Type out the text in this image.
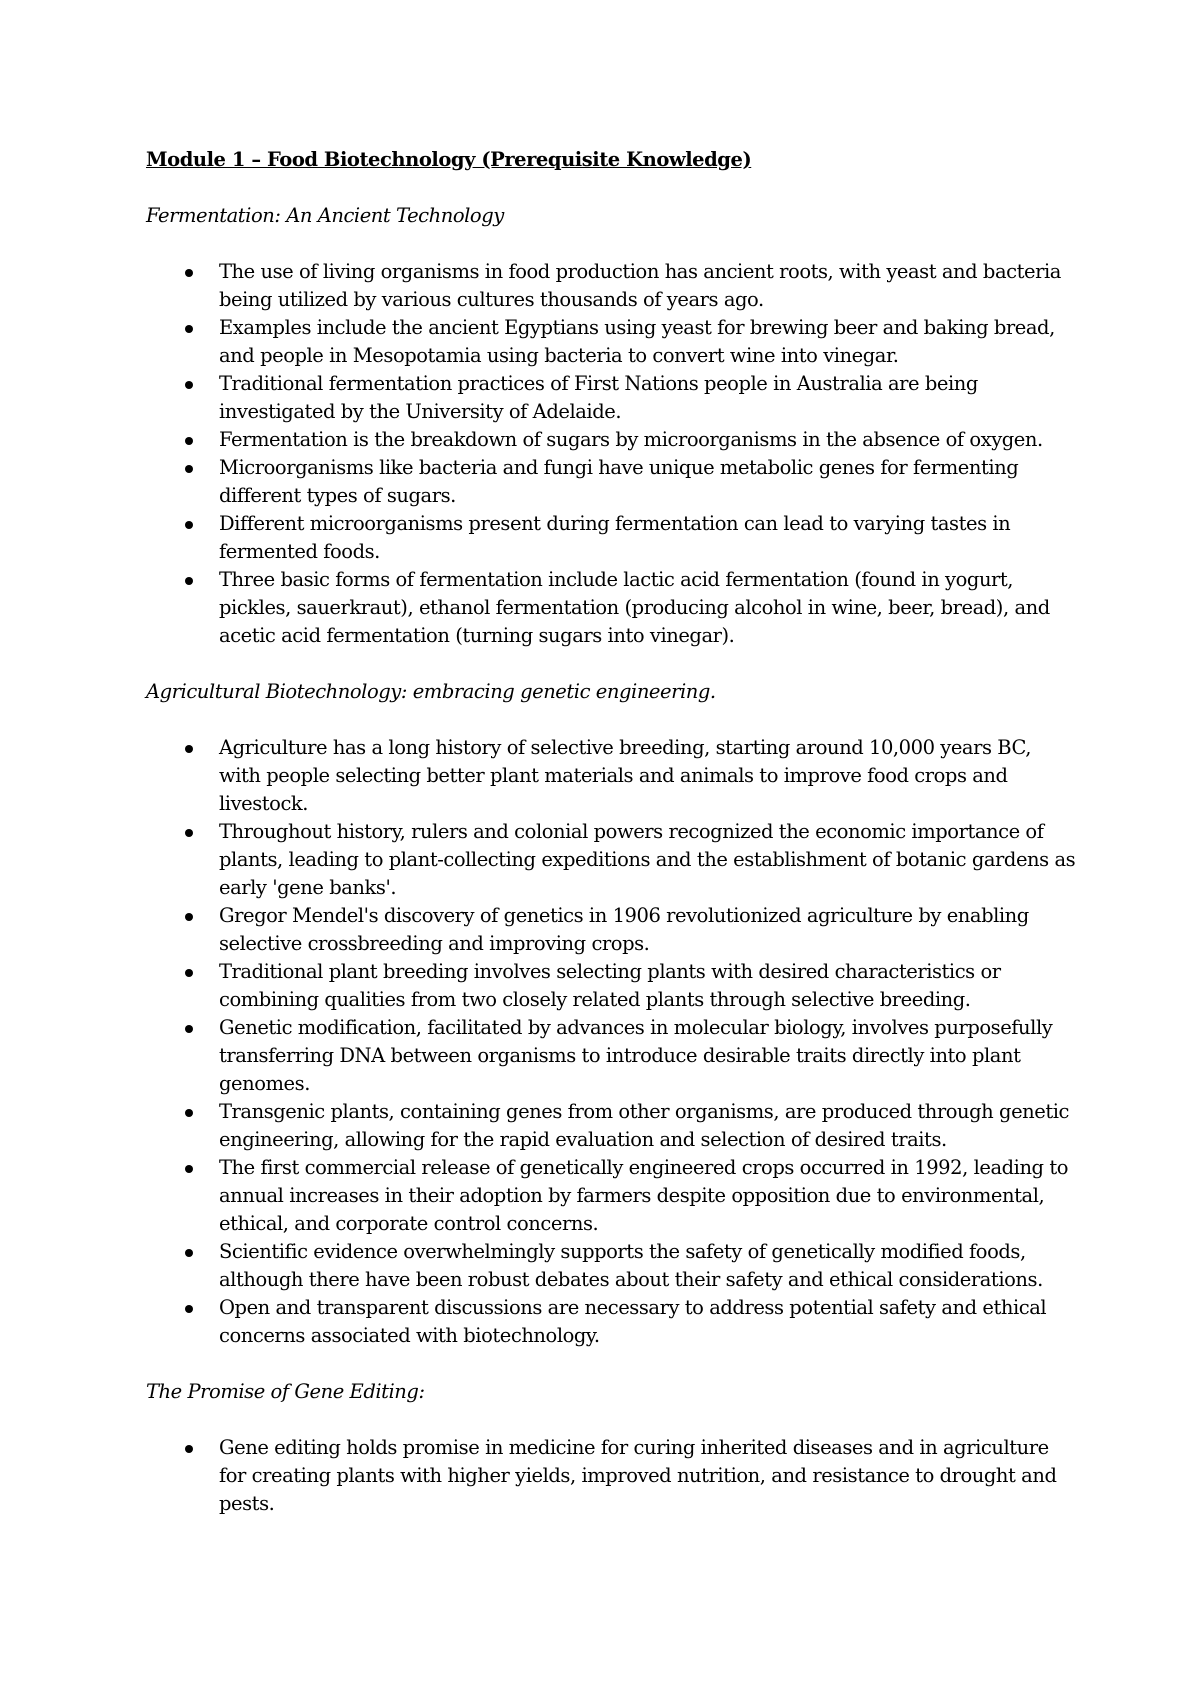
Module 1 – Food Biotechnology (Prerequisite Knowledge)

Fermentation: An Ancient Technology

The use of living organisms in food production has ancient roots, with yeast and bacteria being utilized by various cultures thousands of years ago.
Examples include the ancient Egyptians using yeast for brewing beer and baking bread, and people in Mesopotamia using bacteria to convert wine into vinegar.
Traditional fermentation practices of First Nations people in Australia are being investigated by the University of Adelaide.
Fermentation is the breakdown of sugars by microorganisms in the absence of oxygen.
Microorganisms like bacteria and fungi have unique metabolic genes for fermenting different types of sugars.
Different microorganisms present during fermentation can lead to varying tastes in fermented foods.
Three basic forms of fermentation include lactic acid fermentation (found in yogurt, pickles, sauerkraut), ethanol fermentation (producing alcohol in wine, beer, bread), and acetic acid fermentation (turning sugars into vinegar).

Agricultural Biotechnology: embracing genetic engineering.

Agriculture has a long history of selective breeding, starting around 10,000 years BC, with people selecting better plant materials and animals to improve food crops and livestock.
Throughout history, rulers and colonial powers recognized the economic importance of plants, leading to plant-collecting expeditions and the establishment of botanic gardens as early 'gene banks'.
Gregor Mendel's discovery of genetics in 1906 revolutionized agriculture by enabling selective crossbreeding and improving crops.
Traditional plant breeding involves selecting plants with desired characteristics or combining qualities from two closely related plants through selective breeding.
Genetic modification, facilitated by advances in molecular biology, involves purposefully transferring DNA between organisms to introduce desirable traits directly into plant genomes.
Transgenic plants, containing genes from other organisms, are produced through genetic engineering, allowing for the rapid evaluation and selection of desired traits.
The first commercial release of genetically engineered crops occurred in 1992, leading to annual increases in their adoption by farmers despite opposition due to environmental, ethical, and corporate control concerns.
Scientific evidence overwhelmingly supports the safety of genetically modified foods, although there have been robust debates about their safety and ethical considerations.
Open and transparent discussions are necessary to address potential safety and ethical concerns associated with biotechnology.

The Promise of Gene Editing:

Gene editing holds promise in medicine for curing inherited diseases and in agriculture for creating plants with higher yields, improved nutrition, and resistance to drought and pests.
